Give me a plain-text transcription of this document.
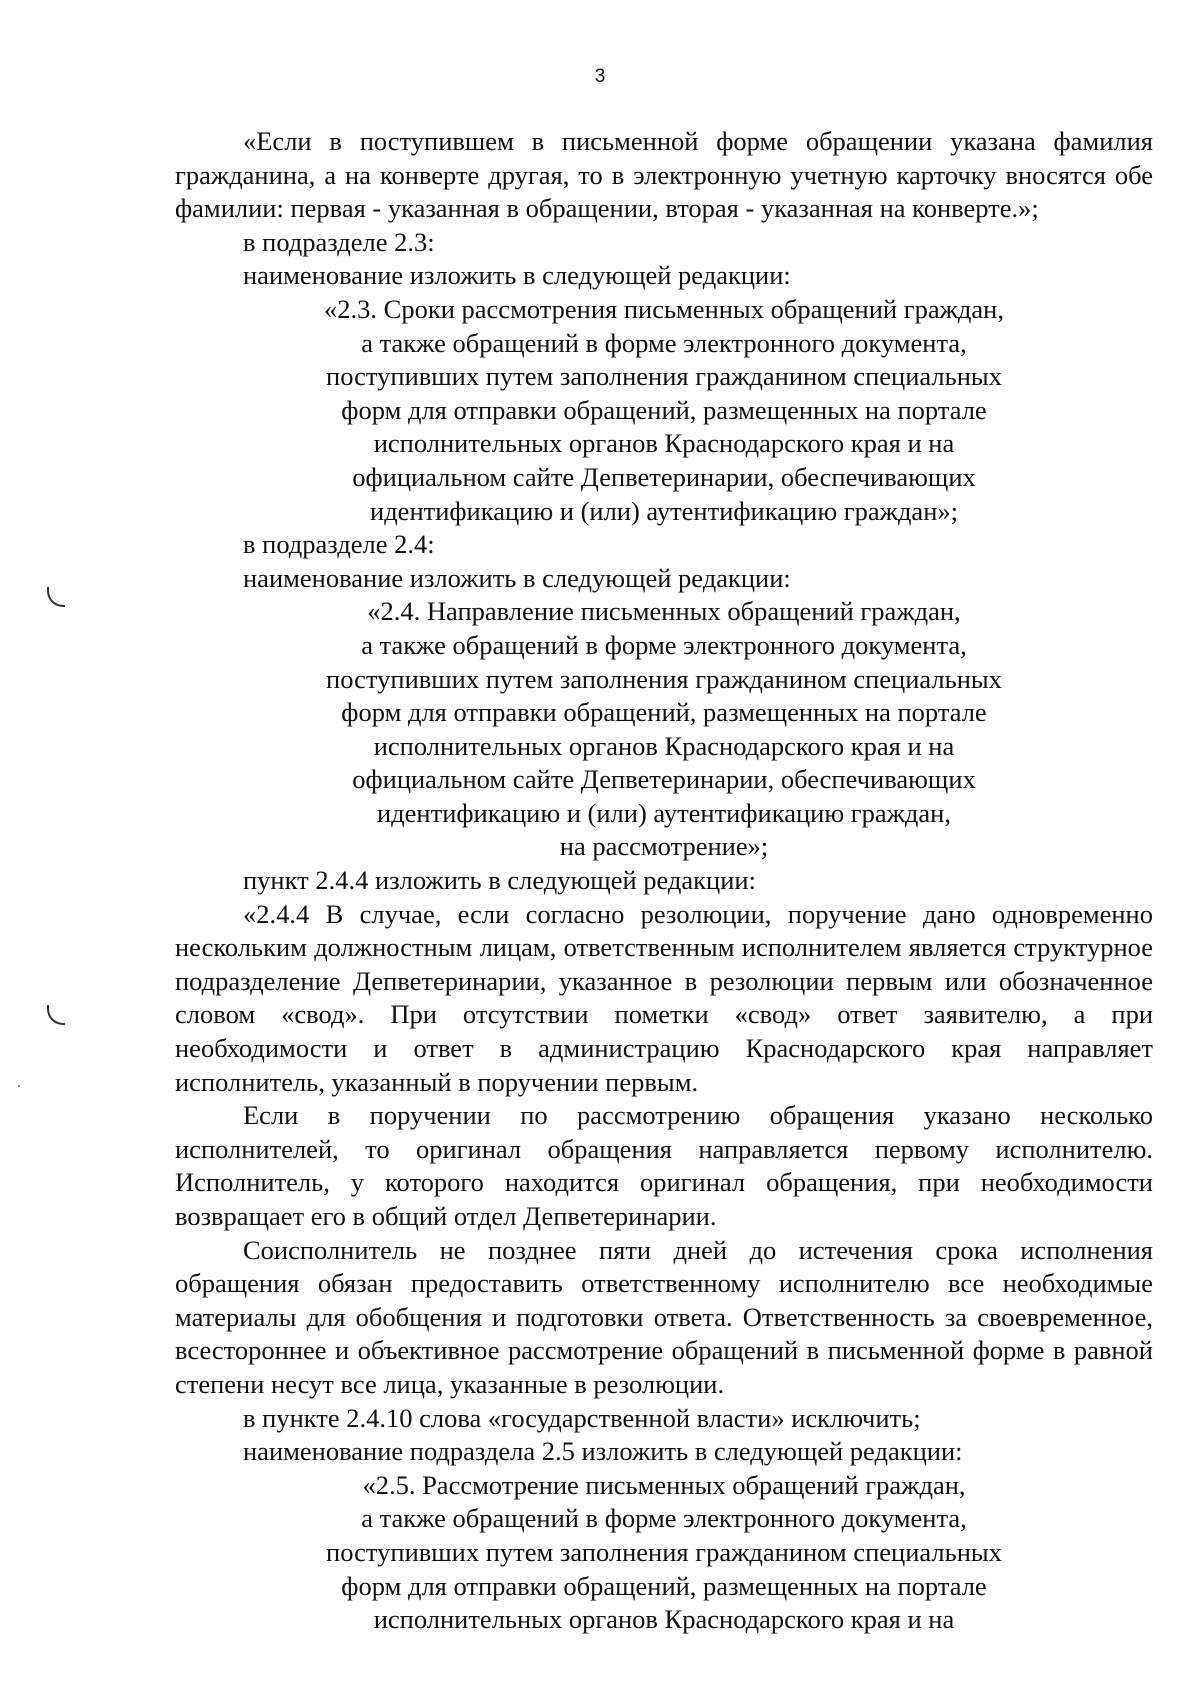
3

«Если в поступившем в письменной форме обращении указана фамилия гражданина, а на конверте другая, то в электронную учетную карточку вносятся обе фамилии: первая - указанная в обращении, вторая - указанная на конверте.»;

в подразделе 2.3:

наименование изложить в следующей редакции:

«2.3. Сроки рассмотрения письменных обращений граждан,

а также обращений в форме электронного документа,

поступивших путем заполнения гражданином специальных

форм для отправки обращений, размещенных на портале

исполнительных органов Краснодарского края и на

официальном сайте Депветеринарии, обеспечивающих

идентификацию и (или) аутентификацию граждан»;

в подразделе 2.4:

наименование изложить в следующей редакции:

«2.4. Направление письменных обращений граждан,

а также обращений в форме электронного документа,

поступивших путем заполнения гражданином специальных

форм для отправки обращений, размещенных на портале

исполнительных органов Краснодарского края и на

официальном сайте Депветеринарии, обеспечивающих

идентификацию и (или) аутентификацию граждан,

на рассмотрение»;

пункт 2.4.4 изложить в следующей редакции:

«2.4.4 В случае, если согласно резолюции, поручение дано одновременно нескольким должностным лицам, ответственным исполнителем является структурное подразделение Депветеринарии, указанное в резолюции первым или обозначенное словом «свод». При отсутствии пометки «свод» ответ заявителю, а при необходимости и ответ в администрацию Краснодарского края направляет исполнитель, указанный в поручении первым.

Если в поручении по рассмотрению обращения указано несколько исполнителей, то оригинал обращения направляется первому исполнителю. Исполнитель, у которого находится оригинал обращения, при необходимости возвращает его в общий отдел Депветеринарии.

Соисполнитель не позднее пяти дней до истечения срока исполнения обращения обязан предоставить ответственному исполнителю все необходимые материалы для обобщения и подготовки ответа. Ответственность за своевременное, всестороннее и объективное рассмотрение обращений в письменной форме в равной степени несут все лица, указанные в резолюции.

в пункте 2.4.10 слова «государственной власти» исключить;

наименование подраздела 2.5 изложить в следующей редакции:

«2.5. Рассмотрение письменных обращений граждан,

а также обращений в форме электронного документа,

поступивших путем заполнения гражданином специальных

форм для отправки обращений, размещенных на портале

исполнительных органов Краснодарского края и на
